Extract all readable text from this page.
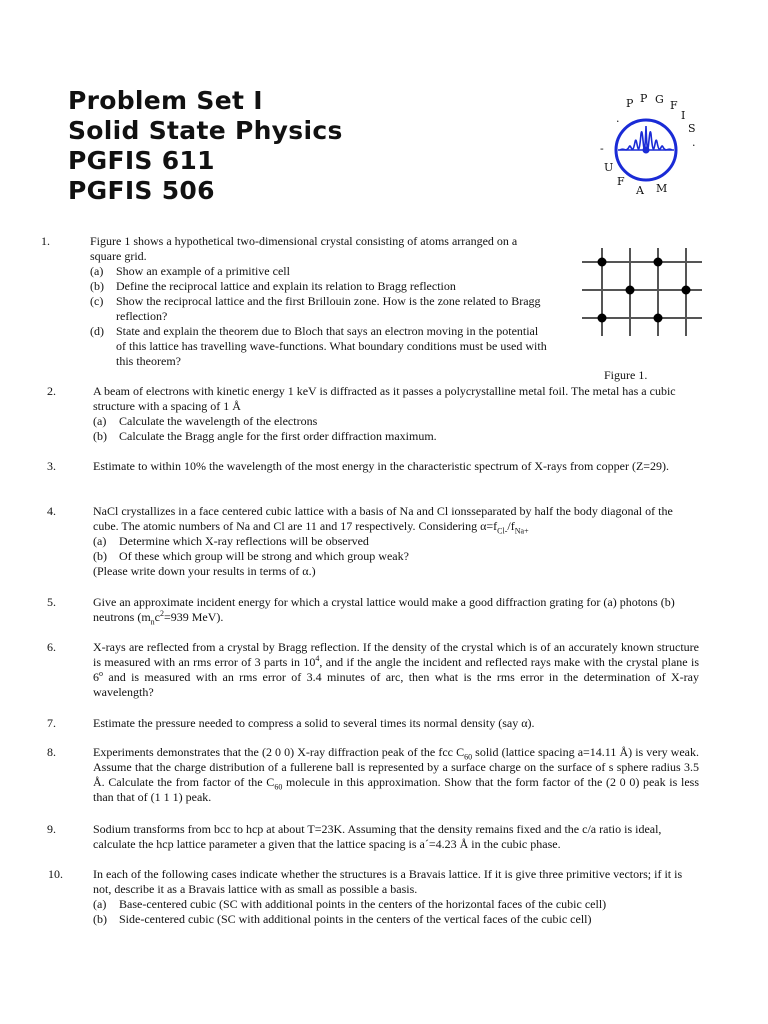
Problem Set I
Solid State Physics
PGFIS 611
PGFIS 506
.
P P G F
I
S
.
-
U
F
A M
Figure 1.
1.	Figure 1 shows a hypothetical two-dimensional crystal consisting of atoms arranged on a square grid.
(a) Show an example of a primitive cell
(b) Define the reciprocal lattice and explain its relation to Bragg reflection
(c)	Show the reciprocal lattice and the first Brillouin zone. How is the zone related to Bragg reflection?
(d)	State and explain the theorem due to Bloch that says an electron moving in the potential of this lattice has travelling wave-functions. What boundary conditions must be used with this theorem?
2.	A beam of electrons with kinetic energy 1 keV is diffracted as it passes a polycrystalline metal foil. The metal has a cubic structure with a spacing of 1 Å
(a) Calculate the wavelength of the electrons
(b) Calculate the Bragg angle for the first order diffraction maximum.
3.	Estimate to within 10% the wavelength of the most energy in the characteristic spectrum of X-rays from copper (Z=29).
4.	NaCl crystallizes in a face centered cubic lattice with a basis of Na and Cl ionsseparated by half the body diagonal of the cube. The atomic numbers of Na and Cl are 11 and 17 respectively. Considering $\alpha=f_{Cl-}/f_{Na+}$
(a) Determine which X-ray reflections will be observed
(b) Of these which group will be strong and which group weak?
(Please write down your results in terms of α.)
5.	Give an approximate incident energy for which a crystal lattice would make a good diffraction grating for (a) photons (b) neutrons ($m_nc^2=939$ MeV).
6.	X-rays are reflected from a crystal by Bragg reflection. If the density of the crystal which is of an accurately known structure is measured with an rms error of 3 parts in $10^4$, and if the angle the incident and reflected rays make with the crystal plane is 6$^o$ and is measured with an rms error of 3.4 minutes of arc, then what is the rms error in the determination of X-ray wavelength?
7.	Estimate the pressure needed to compress a solid to several times its normal density (say α).
8.	Experiments demonstrates that the (2 0 0) X-ray diffraction peak of the fcc $C_{60}$ solid (lattice spacing a=14.11 Å) is very weak. Assume that the charge distribution of a fullerene ball is represented by a surface charge on the surface of s sphere radius 3.5 Å. Calculate the from factor of the $C_{60}$ molecule in this approximation. Show that the form factor of the (2 0 0) peak is less than that of (1 1 1) peak.
9.	Sodium transforms from bcc to hcp at about T=23K. Assuming that the density remains fixed and the c/a ratio is ideal, calculate the hcp lattice parameter a given that the lattice spacing is a´=4.23 Å in the cubic phase.
10.	In each of the following cases indicate whether the structures is a Bravais lattice. If it is give three primitive vectors; if it is not, describe it as a Bravais lattice with as small as possible a basis.
(a) Base-centered cubic (SC with additional points in the centers of the horizontal faces of the cubic cell)
(b) Side-centered cubic (SC with additional points in the centers of the vertical faces of the cubic cell)
